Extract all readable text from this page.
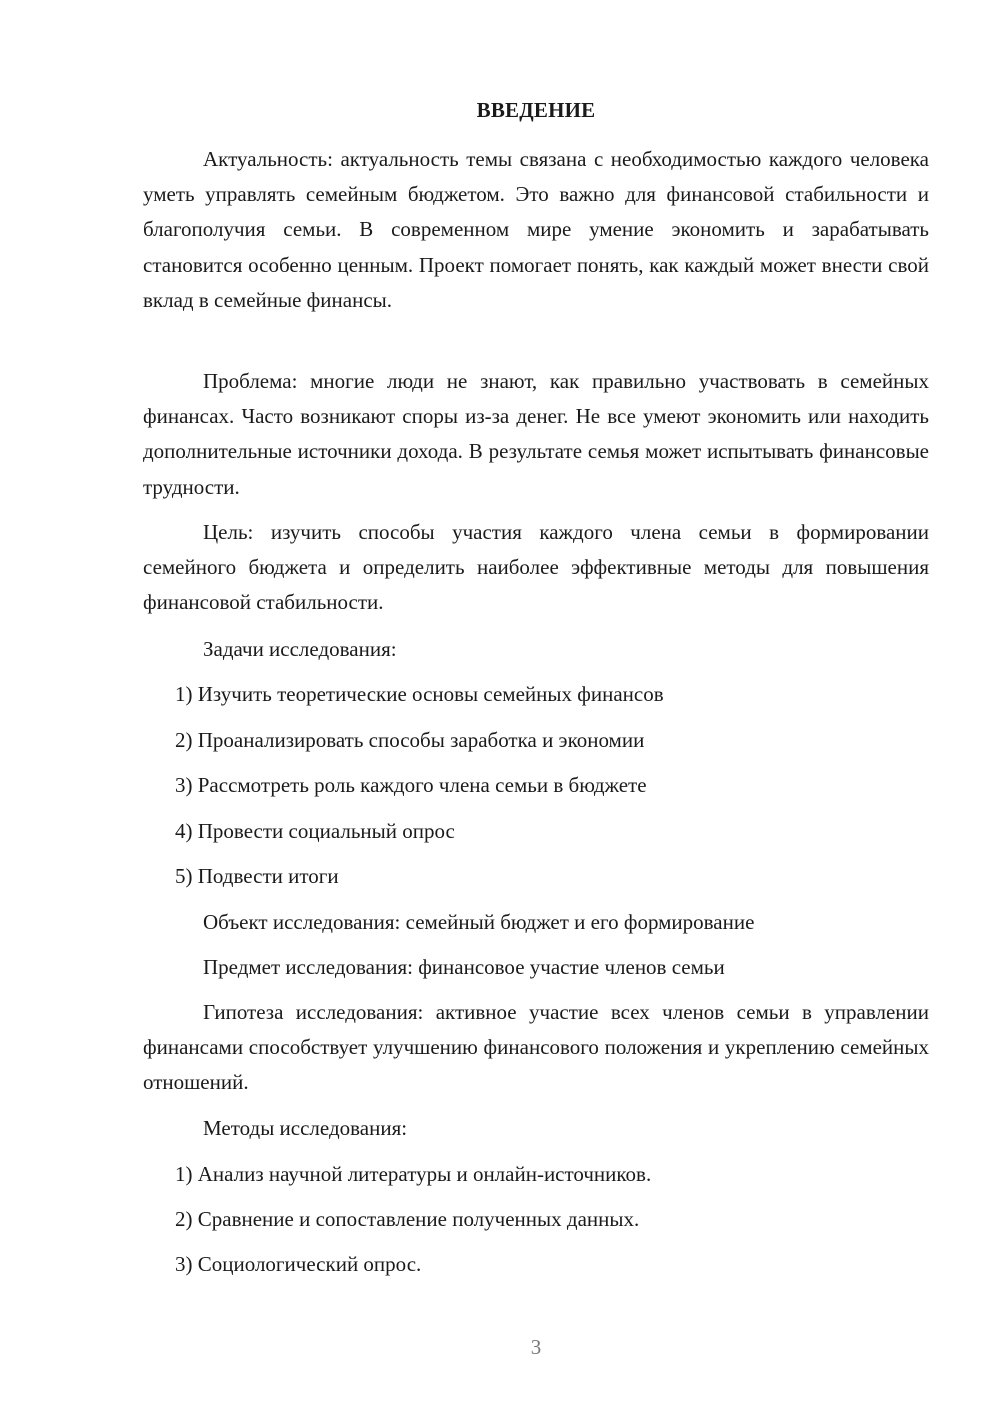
ВВЕДЕНИЕ

Актуальность: актуальность темы связана с необходимостью каждого человека уметь управлять семейным бюджетом. Это важно для финансовой стабильности и благополучия семьи. В современном мире умение экономить и зарабатывать становится особенно ценным. Проект помогает понять, как каждый может внести свой вклад в семейные финансы.

Проблема: многие люди не знают, как правильно участвовать в семейных финансах. Часто возникают споры из-за денег. Не все умеют экономить или находить дополнительные источники дохода. В результате семья может испытывать финансовые трудности.

Цель: изучить способы участия каждого члена семьи в формировании семейного бюджета и определить наиболее эффективные методы для повышения финансовой стабильности.

Задачи исследования:
1) Изучить теоретические основы семейных финансов
2) Проанализировать способы заработка и экономии
3) Рассмотреть роль каждого члена семьи в бюджете
4) Провести социальный опрос
5) Подвести итоги
Объект исследования: семейный бюджет и его формирование
Предмет исследования: финансовое участие членов семьи

Гипотеза исследования: активное участие всех членов семьи в управлении финансами способствует улучшению финансового положения и укреплению семейных отношений.

Методы исследования:
1) Анализ научной литературы и онлайн-источников.
2) Сравнение и сопоставление полученных данных.
3) Социологический опрос.
3
